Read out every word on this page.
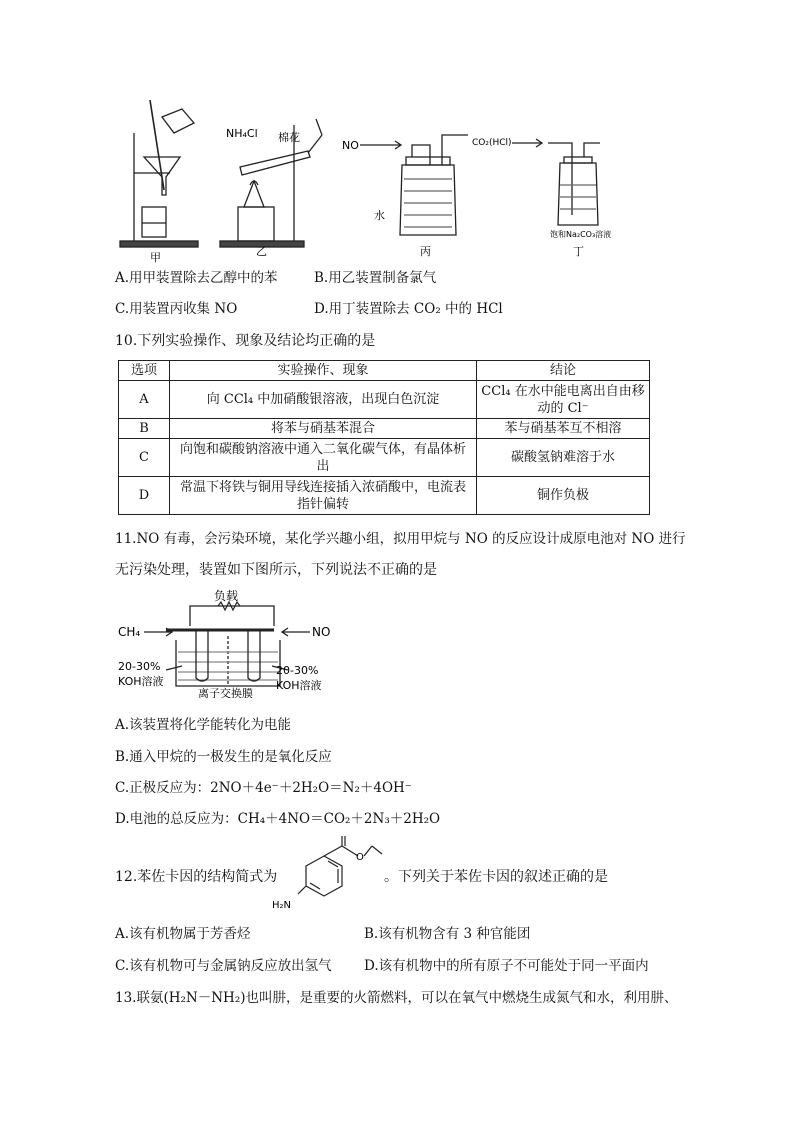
甲
NH₄Cl 棉花
乙
NO
水
丙
CO₂(HCl)
饱和Na₂CO₃溶液
丁
A.用甲装置除去乙醇中的苯	B.用乙装置制备氯气
C.用装置丙收集 NO	D.用丁装置除去 CO₂ 中的 HCl
10.下列实验操作、现象及结论均正确的是
选项	实验操作、现象	结论
A	向 CCl₄ 中加硝酸银溶液，出现白色沉淀	CCl₄ 在水中能电离出自由移动的 Cl⁻
B	将苯与硝基苯混合	苯与硝基苯互不相溶
C	向饱和碳酸钠溶液中通入二氧化碳气体，有晶体析出	碳酸氢钠难溶于水
D	常温下将铁与铜用导线连接插入浓硝酸中，电流表指针偏转	铜作负极
11.NO 有毒，会污染环境，某化学兴趣小组，拟用甲烷与 NO 的反应设计成原电池对 NO 进行
无污染处理，装置如下图所示，下列说法不正确的是
负载
CH₄	NO
20-30%
KOH溶液
20-30%
KOH溶液
离子交换膜
A.该装置将化学能转化为电能
B.通入甲烷的一极发生的是氧化反应
C.正极反应为：2NO＋4e⁻＋2H₂O＝N₂＋4OH⁻
D.电池的总反应为：CH₄＋4NO＝CO₂＋2N₃＋2H₂O
12.苯佐卡因的结构简式为
O
H₂N
。下列关于苯佐卡因的叙述正确的是
A.该有机物属于芳香烃	B.该有机物含有 3 种官能团
C.该有机物可与金属钠反应放出氢气 D.该有机物中的所有原子不可能处于同一平面内
13.联氨(H₂N－NH₂)也叫肼，是重要的火箭燃料，可以在氧气中燃烧生成氮气和水，利用肼、
